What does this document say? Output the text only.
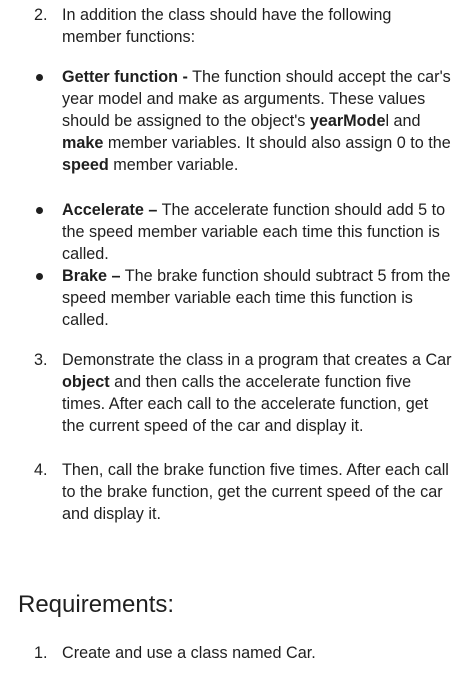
2. In addition the class should have the following member functions:
Getter function - The function should accept the car's year model and make as arguments. These values should be assigned to the object's yearModel and make member variables. It should also assign 0 to the speed member variable.
Accelerate – The accelerate function should add 5 to the speed member variable each time this function is called.
Brake – The brake function should subtract 5 from the speed member variable each time this function is called.
3. Demonstrate the class in a program that creates a Car object and then calls the accelerate function five times. After each call to the accelerate function, get the current speed of the car and display it.
4. Then, call the brake function five times. After each call to the brake function, get the current speed of the car and display it.
Requirements:
1. Create and use a class named Car.
